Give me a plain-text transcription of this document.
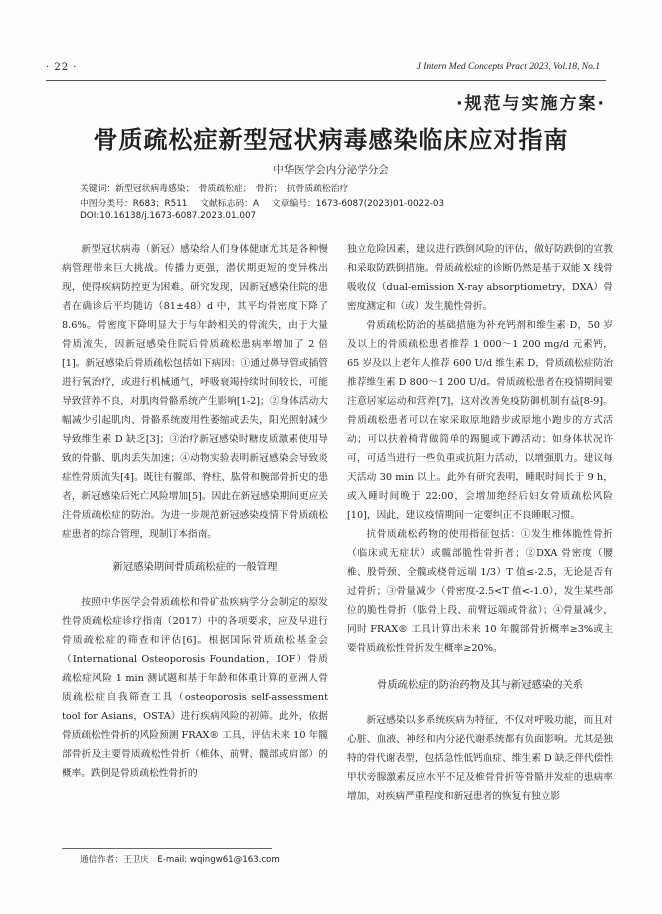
· 22 ·	J Intern Med Concepts Pract 2023, Vol.18, No.1
·规范与实施方案·
骨质疏松症新型冠状病毒感染临床应对指南
中华医学会内分泌学分会
关键词：新型冠状病毒感染；　骨质疏松症；　骨折；　抗骨质疏松治疗
中图分类号：R683；R511 文献标志码：A 文章编号：1673-6087(2023)01-0022-03
DOI:10.16138/j.1673-6087.2023.01.007

新型冠状病毒（新冠）感染给人们身体健康尤其是各种慢病管理带来巨大挑战。传播力更强，潜伏期更短的变异株出现，使得疾病防控更为困难。研究发现，因新冠感染住院的患者在确诊后平均随访（81±48）d 中，其平均骨密度下降了 8.6%。骨密度下降明显大于与年龄相关的骨流失，由于大量骨质流失，因新冠感染住院后骨质疏松患病率增加了 2 倍[1]。新冠感染后骨质疏松包括如下病因：①通过鼻导管或插管进行氧治疗，或进行机械通气，呼吸衰竭持续时间较长，可能导致营养不良，对肌肉骨骼系统产生影响[1-2]；②身体活动大幅减少引起肌肉、骨骼系统废用性萎缩或丢失，阳光照射减少导致维生素 D 缺乏[3]；③治疗新冠感染时糖皮质激素使用导致的骨骼、肌肉丢失加速；④动物实验表明新冠感染会导致炎症性骨质流失[4]。既往有髋部、脊柱、肱骨和腕部骨折史的患者，新冠感染后死亡风险增加[5]。因此在新冠感染期间更应关注骨质疏松症的防治。为进一步规范新冠感染疫情下骨质疏松症患者的综合管理，现制订本指南。

新冠感染期间骨质疏松症的一般管理

按照中华医学会骨质疏松和骨矿盐疾病学分会制定的原发性骨质疏松症诊疗指南（2017）中的各项要求，应及早进行骨质疏松症的筛查和评估[6]。根据国际骨质疏松基金会（International Osteoporosis Foundation，IOF）骨质疏松症风险 1 min 测试题和基于年龄和体重计算的亚洲人骨质疏松症自我筛查工具（osteoporosis self-assessment tool for Asians，OSTA）进行疾病风险的初筛。此外，依据骨质疏松性骨折的风险预测 FRAX® 工具，评估未来 10 年髋部骨折及主要骨质疏松性骨折（椎体、前臂、髋部或肩部）的概率。跌倒是骨质疏松性骨折的

独立危险因素，建议进行跌倒风险的评估，做好防跌倒的宣教和采取防跌倒措施。骨质疏松症的诊断仍然是基于双能 X 线骨吸收仪（dual-emission X-ray absorptiometry，DXA）骨密度测定和（或）发生脆性骨折。

骨质疏松防治的基础措施为补充钙剂和维生素 D，50 岁及以上的骨质疏松患者推荐 1 000～1 200 mg/d 元素钙，65 岁及以上老年人推荐 600 U/d 维生素 D，骨质疏松症防治推荐维生素 D 800～1 200 U/d。骨质疏松患者在疫情期间要注意居家运动和营养[7]，这对改善免疫防御机制有益[8-9]。骨质疏松患者可以在家采取原地踏步或原地小跑步的方式活动；可以扶着椅背做简单的踢腿或下蹲活动；如身体状况许可，可适当进行一些负重或抗阻力活动，以增强肌力。建议每天活动 30 min 以上。此外有研究表明，睡眠时间长于 9 h，或入睡时间晚于 22:00，会增加绝经后妇女骨质疏松风险[10]，因此，建议疫情期间一定要纠正不良睡眠习惯。

抗骨质疏松药物的使用指征包括：①发生椎体脆性骨折（临床或无症状）或髋部脆性骨折者；②DXA 骨密度（腰椎、股骨颈、全髋或桡骨远端 1/3）T 值≤-2.5，无论是否有过骨折；③骨量减少（骨密度-2.5<T 值<-1.0），发生某些部位的脆性骨折（肱骨上段、前臂远端或骨盆）；④骨量减少，同时 FRAX® 工具计算出未来 10 年髋部骨折概率≥3%或主要骨质疏松性骨折发生概率≥20%。

骨质疏松症的防治药物及其与新冠感染的关系

新冠感染以多系统疾病为特征，不仅对呼吸功能，而且对心脏、血液、神经和内分泌代谢系统都有负面影响。尤其是独特的骨代谢表型，包括急性低钙血症、维生素 D 缺乏伴代偿性甲状旁腺激素反应水平不足及椎骨骨折等骨骼并发症的患病率增加，对疾病严重程度和新冠患者的恢复有独立影

通信作者：王卫庆　E-mail: wqingw61@163.com
